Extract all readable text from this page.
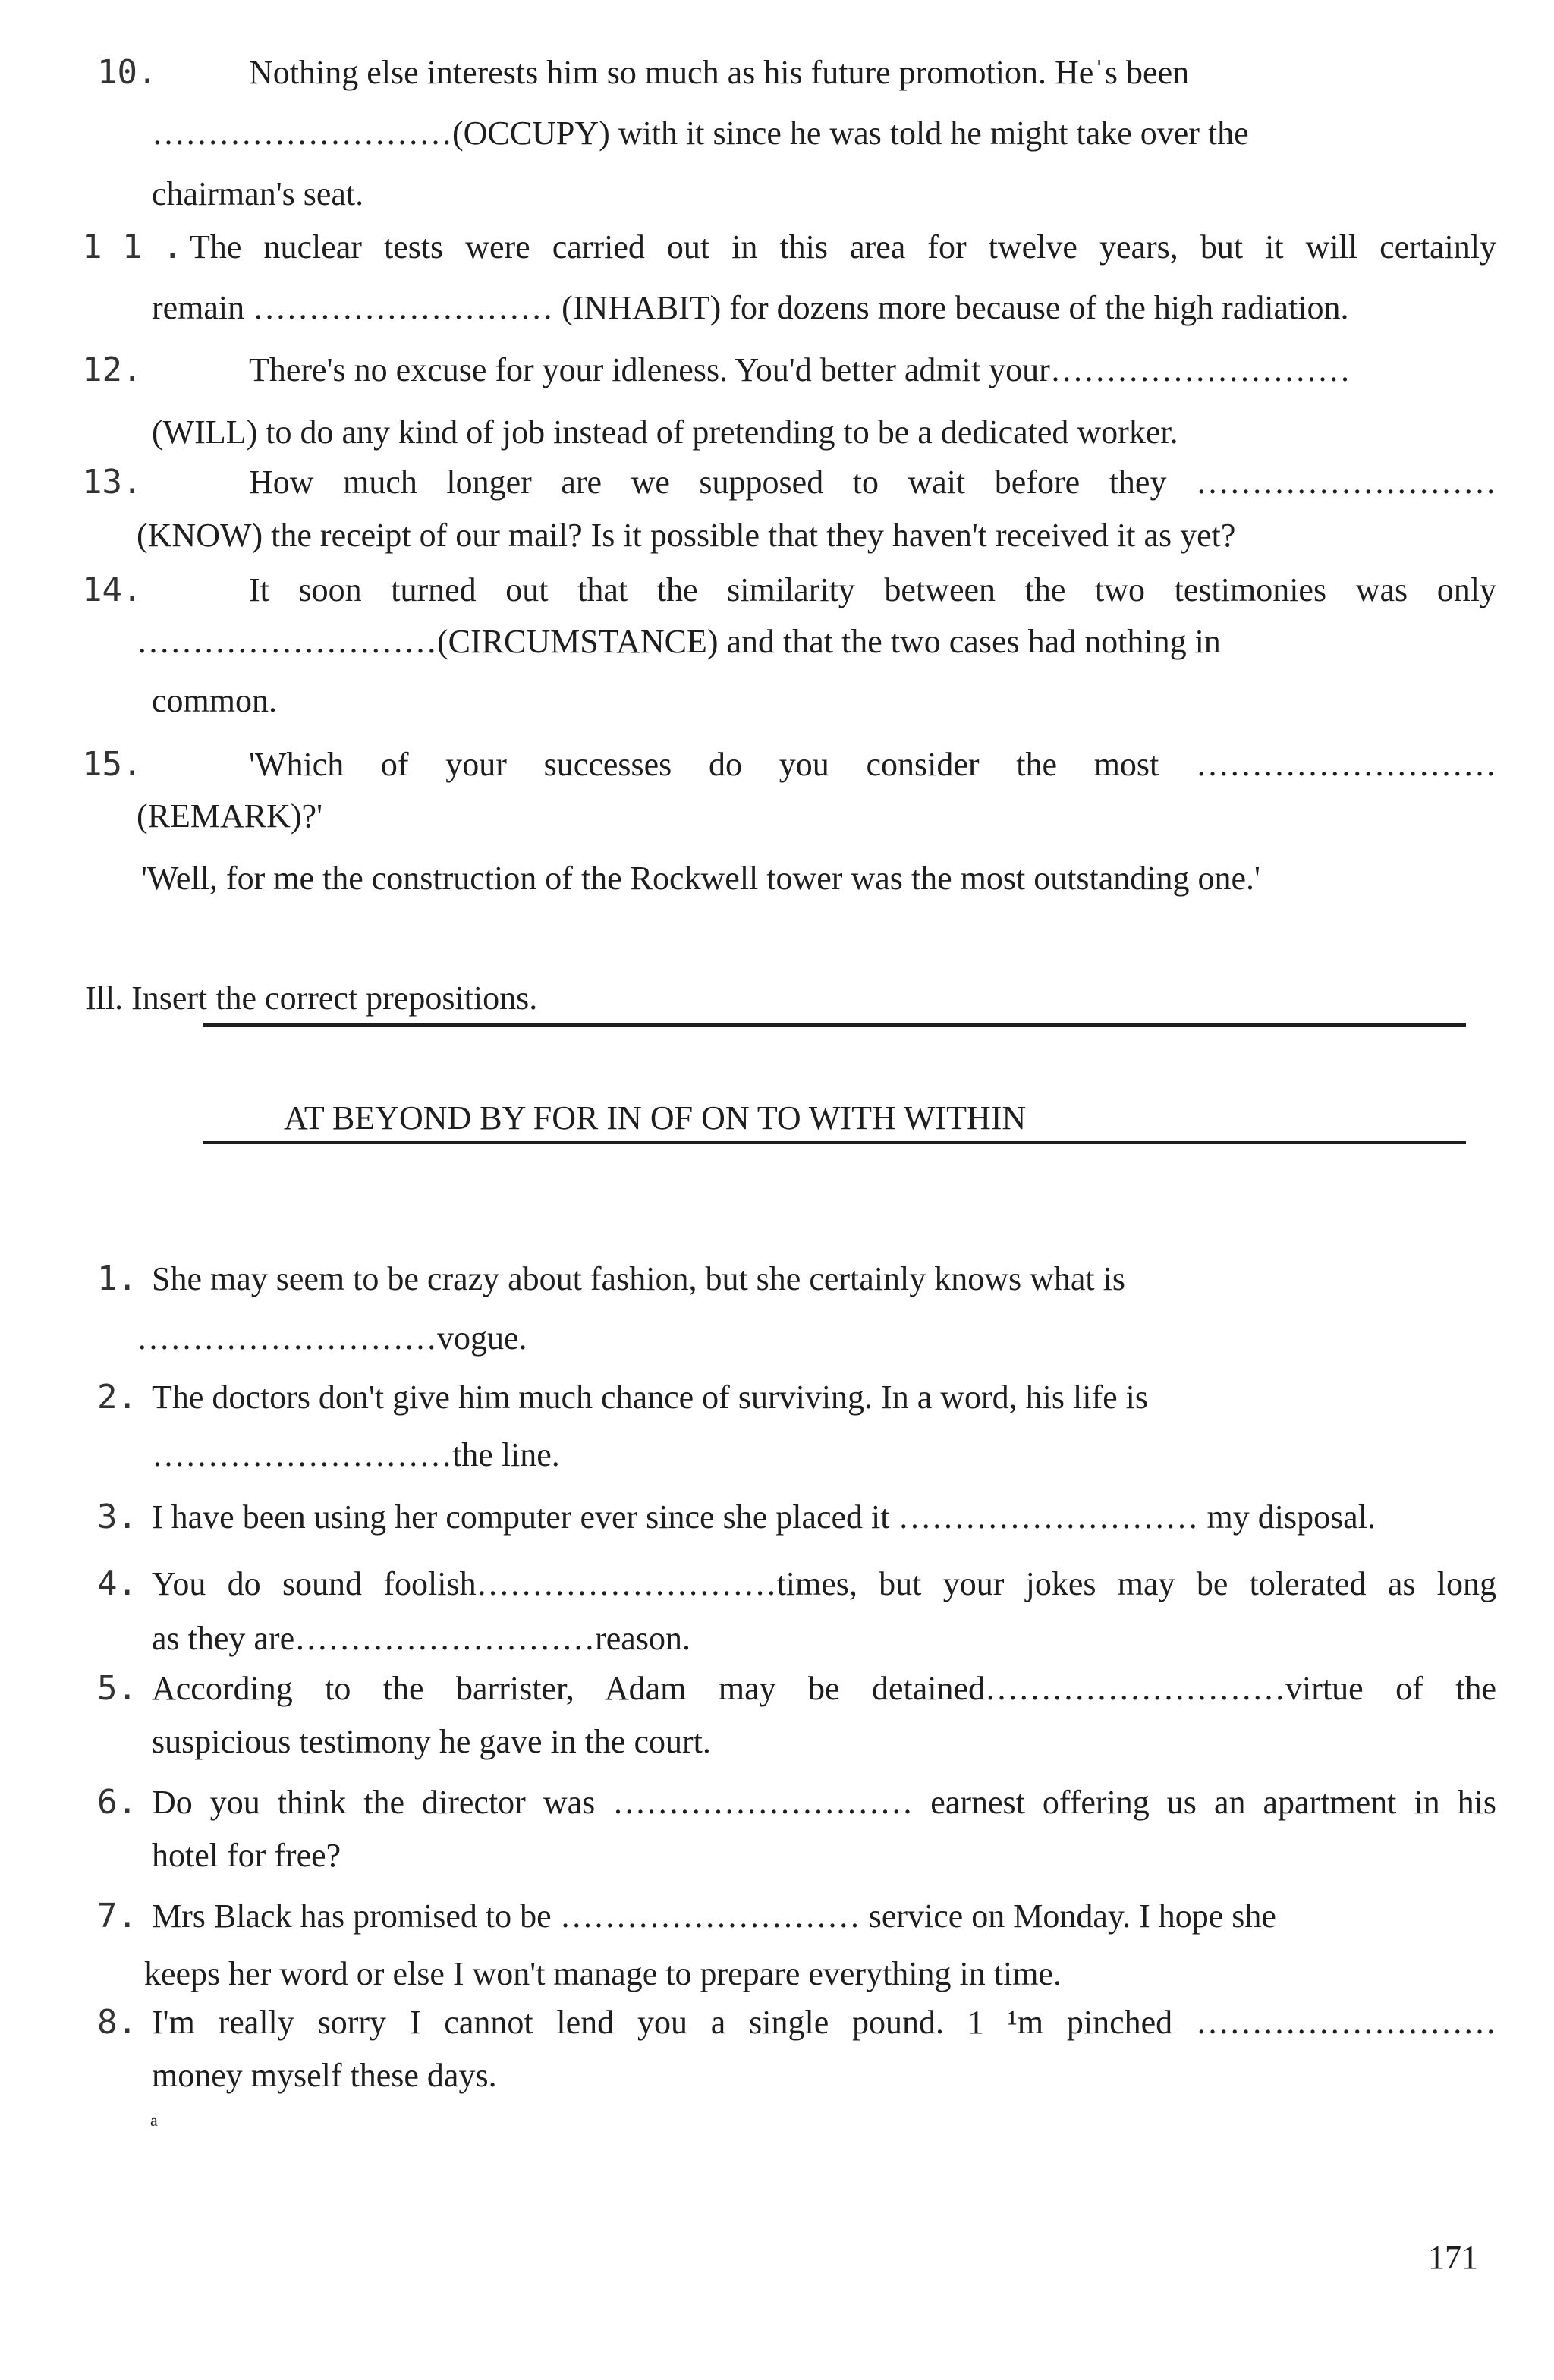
10.	Nothing else interests him so much as his future promotion. Heˈs been
………………………(OCCUPY) with it since he was told he might take over the
chairman's seat.
1 1 . The nuclear tests were carried out in this area for twelve years, but it will certainly
remain ……………………… (INHABIT) for dozens more because of the high radiation.
12.	There's no excuse for your idleness. You'd better admit your………………………
(WILL) to do any kind of job instead of pretending to be a dedicated worker.
13.	How much longer are we supposed to wait before they ………………………
(KNOW) the receipt of our mail? Is it possible that they haven't received it as yet?
14.	It soon turned out that the similarity between the two testimonies was only
………………………(CIRCUMSTANCE) and that the two cases had nothing in
common.
15.	'Which of your successes do you consider the most ………………………
(REMARK)?'
'Well, for me the construction of the Rockwell tower was the most outstanding one.'
Ill. Insert the correct prepositions.
AT BEYOND BY FOR IN OF ON TO WITH WITHIN
1. She may seem to be crazy about fashion, but she certainly knows what is
………………………vogue.
2. The doctors don't give him much chance of surviving. In a word, his life is
………………………the line.
3. I have been using her computer ever since she placed it ……………………… my disposal.
4. You do sound foolish………………………times, but your jokes may be tolerated as long
as they are………………………reason.
5. According to the barrister, Adam may be detained………………………virtue of the
suspicious testimony he gave in the court.
6. Do you think the director was ……………………… earnest offering us an apartment in his
hotel for free?
7. Mrs Black has promised to be ……………………… service on Monday. I hope she
keeps her word or else I won't manage to prepare everything in time.
8. I'm really sorry I cannot lend you a single pound. 1 ¹m pinched ………………………
money myself these days.
a
171
